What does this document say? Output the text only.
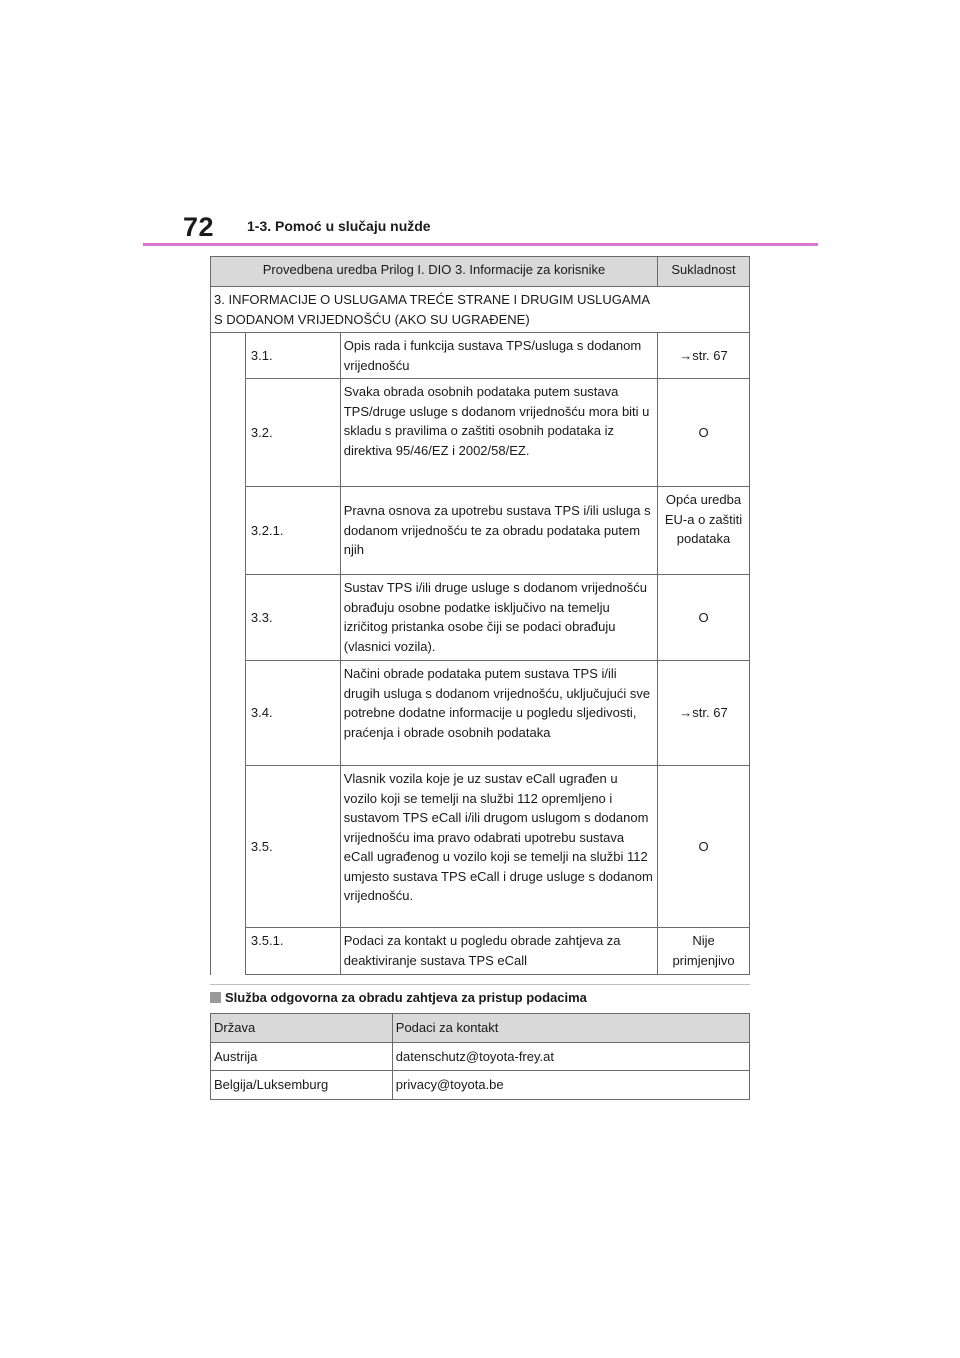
72 1-3. Pomoć u slučaju nužde
Provedbena uredba Prilog I. DIO 3. Informacije za korisnike			Sukladnost

3. INFORMACIJE O USLUGAMA TREĆE STRANE I DRUGIM USLUGAMA
S DODANOM VRIJEDNOŠĆU (AKO SU UGRAĐENE)			

	3.1.	Opis rada i funkcija sustava TPS/usluga s dodanom vrijednošću	→str. 67
	3.2.	Svaka obrada osobnih podataka putem sustava TPS/druge usluge s dodanom vrijednošću mora biti u skladu s pravilima o zaštiti osobnih podataka iz direktiva 95/46/EZ i 2002/58/EZ.	O
	3.2.1.	Pravna osnova za upotrebu sustava TPS i/ili usluga s dodanom vrijednošću te za obradu podataka putem njih	Opća uredba EU-a o zaštiti podataka
	3.3.	Sustav TPS i/ili druge usluge s dodanom vrijednošću obrađuju osobne podatke isključivo na temelju izričitog pristanka osobe čiji se podaci obrađuju (vlasnici vozila).	O
	3.4.	Načini obrade podataka putem sustava TPS i/ili drugih usluga s dodanom vrijednošću, uključujući sve potrebne dodatne informacije u pogledu sljedivosti, praćenja i obrade osobnih podataka	→str. 67
	3.5.	Vlasnik vozila koje je uz sustav eCall ugrađen u vozilo koji se temelji na službi 112 opremljeno i sustavom TPS eCall i/ili drugom uslugom s dodanom vrijednošću ima pravo odabrati upotrebu sustava eCall ugrađenog u vozilo koji se temelji na službi 112 umjesto sustava TPS eCall i druge usluge s dodanom vrijednošću.	O
	3.5.1.	Podaci za kontakt u pogledu obrade zahtjeva za deaktiviranje sustava TPS eCall	Nije primjenjivo
Služba odgovorna za obradu zahtjeva za pristup podacima
Država	Podaci za kontakt
Austrija	datenschutz@toyota-frey.at
Belgija/Luksemburg	privacy@toyota.be
